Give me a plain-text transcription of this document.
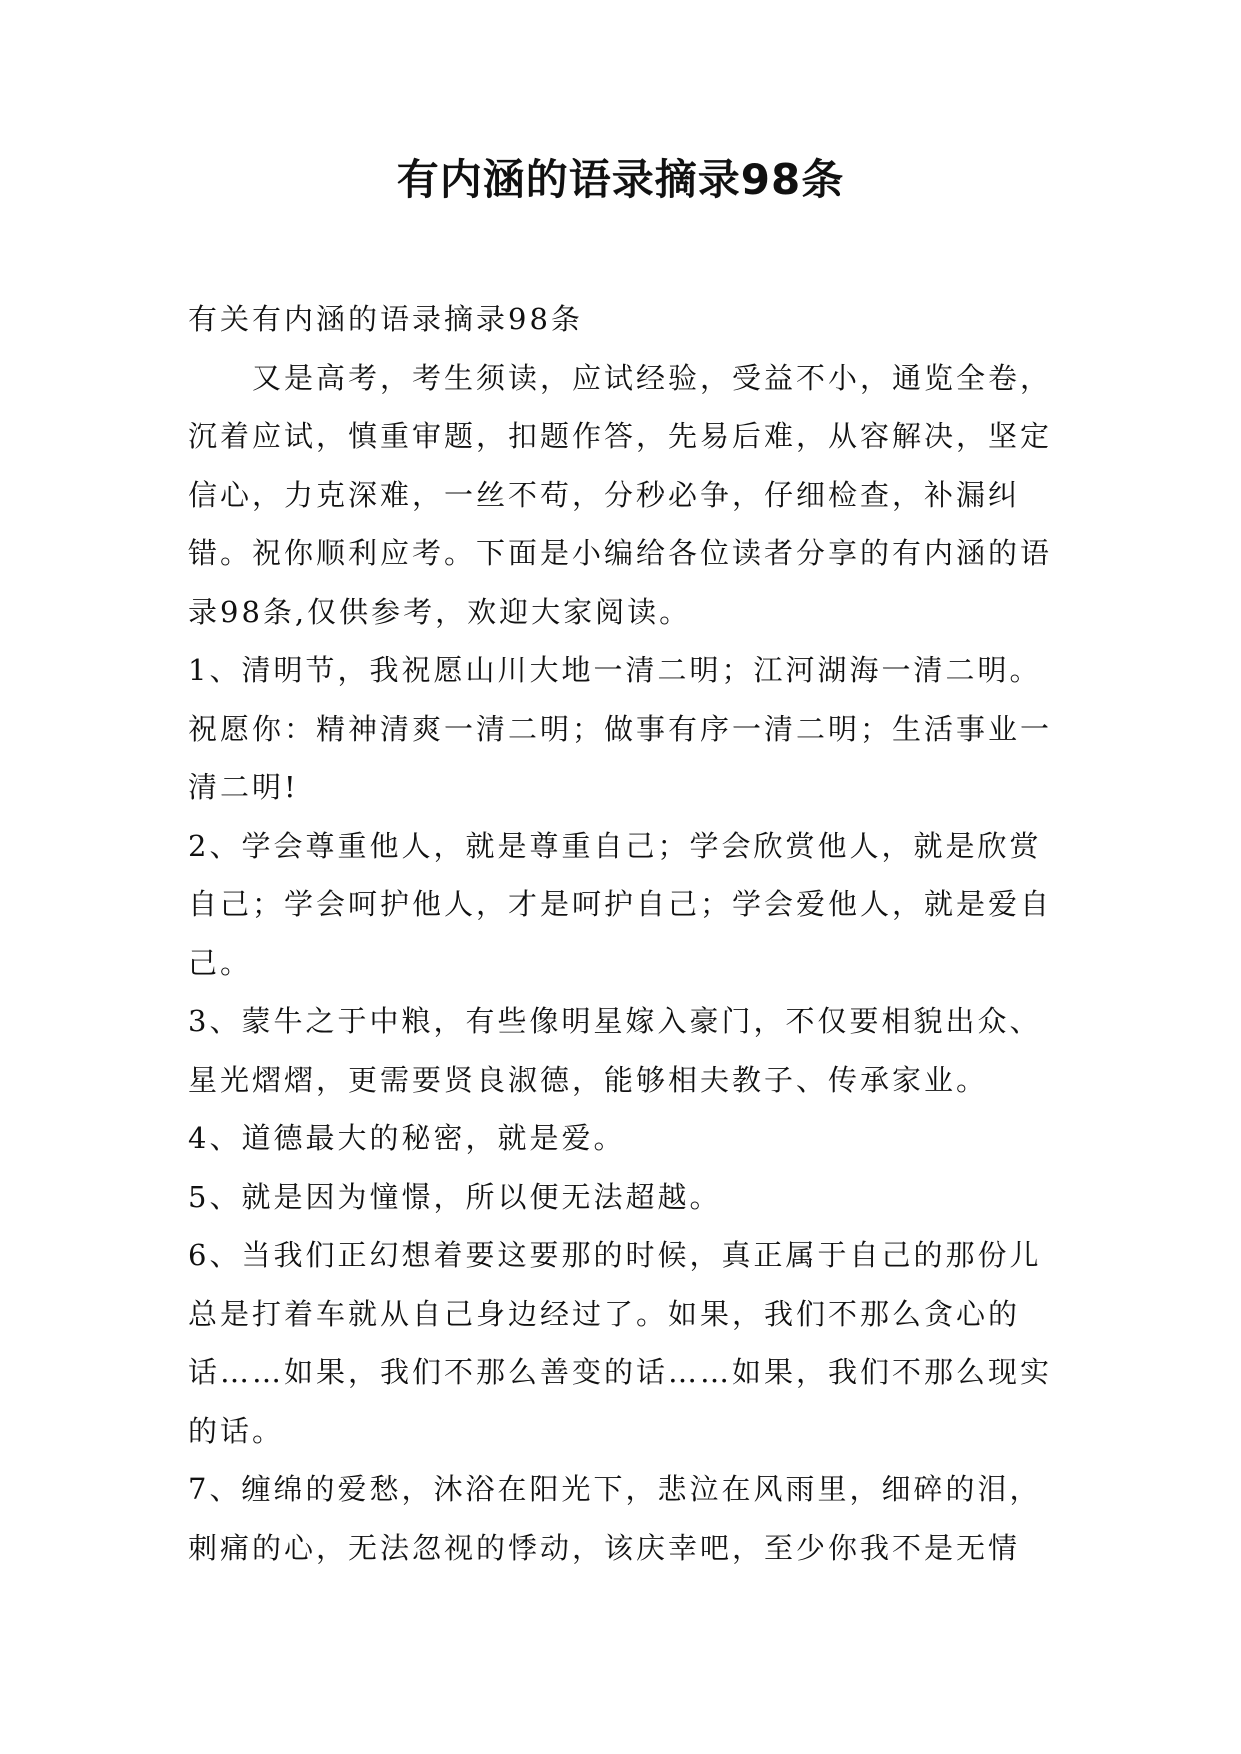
有内涵的语录摘录98条

有关有内涵的语录摘录98条

又是高考，考生须读，应试经验，受益不小，通览全卷，沉着应试，慎重审题，扣题作答，先易后难，从容解决，坚定信心，力克深难，一丝不苟，分秒必争，仔细检查，补漏纠错。祝你顺利应考。下面是小编给各位读者分享的有内涵的语录98条,仅供参考，欢迎大家阅读。

1、清明节，我祝愿山川大地一清二明；江河湖海一清二明。祝愿你：精神清爽一清二明；做事有序一清二明；生活事业一清二明!

2、学会尊重他人，就是尊重自己；学会欣赏他人，就是欣赏自己；学会呵护他人，才是呵护自己；学会爱他人，就是爱自己。

3、蒙牛之于中粮，有些像明星嫁入豪门，不仅要相貌出众、星光熠熠，更需要贤良淑德，能够相夫教子、传承家业。

4、道德最大的秘密，就是爱。

5、就是因为憧憬，所以便无法超越。

6、当我们正幻想着要这要那的时候，真正属于自己的那份儿总是打着车就从自己身边经过了。如果，我们不那么贪心的话……如果，我们不那么善变的话……如果，我们不那么现实的话。

7、缠绵的爱愁，沐浴在阳光下，悲泣在风雨里，细碎的泪，刺痛的心，无法忽视的悸动，该庆幸吧，至少你我不是无情
